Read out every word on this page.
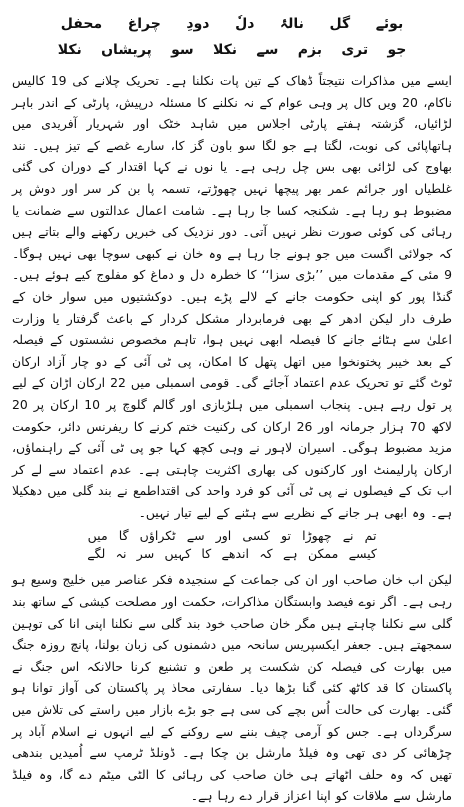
بوئے
گل
نالۂ
دلٗ
دودِ
چراغ
محفل
جو
تری
بزم
سے
نکلا
سو
پریشاں
نکلا

ایسے میں مذاکرات نتیجتاً ڈھاک کے تین پات نکلنا ہے۔ تحریک چلانے کی 19 کالیس ناکام، 20 ویں کال پر وہی عوام کے نہ نکلنے کا مسئلہ درپیش، پارٹی کے اندر باہر لڑائیاں، گزشتہ ہفتے پارٹی اجلاس میں شاہد خٹک اور شہریار آفریدی میں ہاتھاپائی کی نوبت، لگتا ہے جو لگا سو باون گز کا، سارے غصے کے تیز ہیں۔ نند بھاوج کی لڑائی بھی بس چل رہی ہے۔ یا نوں نے کہا اقتدار کے دوران کی گئی غلطیاں اور جرائم عمر بھر پیچھا نہیں چھوڑتے، تسمہ پا بن کر سر اور دوش پر مضبوط ہو رہا ہے۔ شکنجہ کسا جا رہا ہے۔ شامت اعمال عدالتوں سے ضمانت یا رہائی کی کوئی صورت نظر نہیں آتی۔ دور نزدیک کی خبریں رکھنے والے بتاتے ہیں کہ جولائی اگست میں جو ہونے جا رہا ہے وہ خان نے کبھی سوچا بھی نہیں ہوگا۔ 9 مئی کے مقدمات میں ’’بڑی سزا‘‘ کا خطرہ دل و دماغ کو مفلوج کیے ہوئے ہیں۔ گنڈا پور کو اپنی حکومت جانے کے لالے پڑے ہیں۔ دوکشتیوں میں سوار خان کے طرف دار لیکن ادھر کے بھی فرمابردار مشکل کردار کے باعث گرفتار یا وزارت اعلیٰ سے ہٹائے جانے کا فیصلہ ابھی نہیں ہوا، تاہم مخصوص نشستوں کے فیصلہ کے بعد خیبر پختونخوا میں اتھل پتھل کا امکان، پی ٹی آئی کے دو چار آزاد ارکان ٹوٹ گئے تو تحریک عدم اعتماد آجائے گی۔ قومی اسمبلی میں 22 ارکان اڑان کے لیے پر تول رہے ہیں۔ پنجاب اسمبلی میں ہلڑبازی اور گالم گلوچ پر 10 ارکان پر 20 لاکھ 70 ہزار جرمانہ اور 26 ارکان کی رکنیت ختم کرنے کا ریفرنس دائر، حکومت مزید مضبوط ہوگی۔ اسیران لاہور نے وہی کچھ کہا جو پی ٹی آئی کے راہنماؤں، ارکان پارلیمنٹ اور کارکنوں کی بھاری اکثریت چاہتی ہے۔ عدم اعتماد سے لے کر اب تک کے فیصلوں نے پی ٹی آئی کو فرد واحد کی اقتداطمع نے بند گلی میں دھکیلا ہے۔ وہ ابھی ہر جانے کے نظریے سے ہٹنے کے لیے تیار نہیں۔

تم
نے
چھوڑا
تو
کسی
اور
سے
ٹکراؤں
گا
میں
کیسے
ممکن
ہے
کہ
اندھے
کا
کہیں
سر
نہ
لگے

لیکن اب خان صاحب اور ان کی جماعت کے سنجیدہ فکر عناصر میں خلیج وسیع ہو رہی ہے۔ اگر نوے فیصد وابستگان مذاکرات، حکمت اور مصلحت کیشی کے ساتھ بند گلی سے نکلنا چاہتے ہیں مگر خان صاحب خود بند گلی سے نکلنا اپنی انا کی توہین سمجھتے ہیں۔ جعفر ایکسپریس سانحہ میں دشمنوں کی زبان بولنا، پانچ روزہ جنگ میں بھارت کی فیصلہ کن شکست پر طعن و تشنیع کرنا حالانکہ اس جنگ نے پاکستان کا قد کاٹھ کئی گنا بڑھا دیا۔ سفارتی محاذ پر پاکستان کی آواز توانا ہو گئی۔ بھارت کی حالت اُس بچے کی سی ہے جو بڑے بازار میں راستے کی تلاش میں سرگرداں ہے۔ جس کو آرمی چیف بننے سے روکنے کے لیے انہوں نے اسلام آباد پر چڑھائی کر دی تھی وہ فیلڈ مارشل بن چکا ہے۔ ڈونلڈ ٹرمپ سے اُمیدیں بندھی تھیں کہ وہ حلف اٹھاتے ہی خان صاحب کی رہائی کا الٹی میٹم دے گا، وہ فیلڈ مارشل سے ملاقات کو اپنا اعزاز قرار دے رہا ہے۔
